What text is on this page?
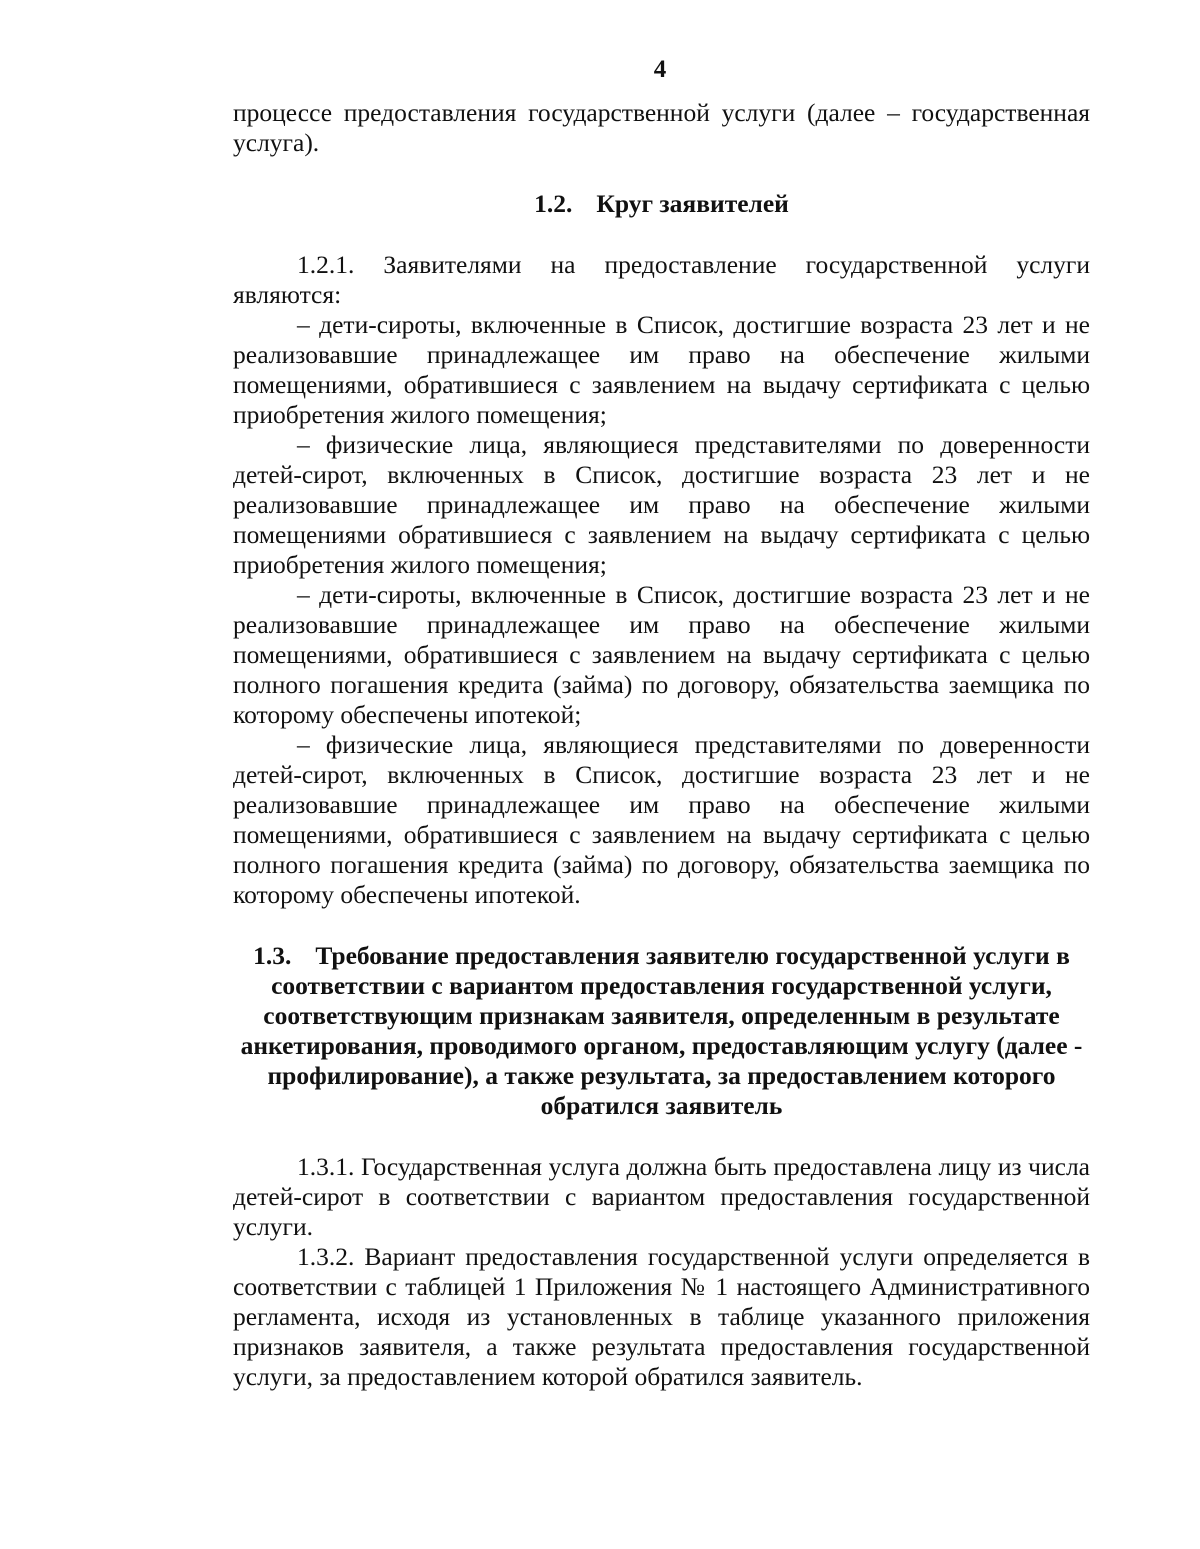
4

процессе предоставления государственной услуги (далее – государственная услуга).

1.2. Круг заявителей

1.2.1. Заявителями на предоставление государственной услуги являются:

– дети-сироты, включенные в Список, достигшие возраста 23 лет и не реализовавшие принадлежащее им право на обеспечение жилыми помещениями, обратившиеся с заявлением на выдачу сертификата с целью приобретения жилого помещения;

– физические лица, являющиеся представителями по доверенности детей-сирот, включенных в Список, достигшие возраста 23 лет и не реализовавшие принадлежащее им право на обеспечение жилыми помещениями обратившиеся с заявлением на выдачу сертификата с целью приобретения жилого помещения;

– дети-сироты, включенные в Список, достигшие возраста 23 лет и не реализовавшие принадлежащее им право на обеспечение жилыми помещениями, обратившиеся с заявлением на выдачу сертификата с целью полного погашения кредита (займа) по договору, обязательства заемщика по которому обеспечены ипотекой;

– физические лица, являющиеся представителями по доверенности детей-сирот, включенных в Список, достигшие возраста 23 лет и не реализовавшие принадлежащее им право на обеспечение жилыми помещениями, обратившиеся с заявлением на выдачу сертификата с целью полного погашения кредита (займа) по договору, обязательства заемщика по которому обеспечены ипотекой.

1.3. Требование предоставления заявителю государственной услуги в соответствии с вариантом предоставления государственной услуги, соответствующим признакам заявителя, определенным в результате анкетирования, проводимого органом, предоставляющим услугу (далее - профилирование), а также результата, за предоставлением которого обратился заявитель

1.3.1. Государственная услуга должна быть предоставлена лицу из числа детей-сирот в соответствии с вариантом предоставления государственной услуги.

1.3.2. Вариант предоставления государственной услуги определяется в соответствии с таблицей 1 Приложения № 1 настоящего Административного регламента, исходя из установленных в таблице указанного приложения признаков заявителя, а также результата предоставления государственной услуги, за предоставлением которой обратился заявитель.
